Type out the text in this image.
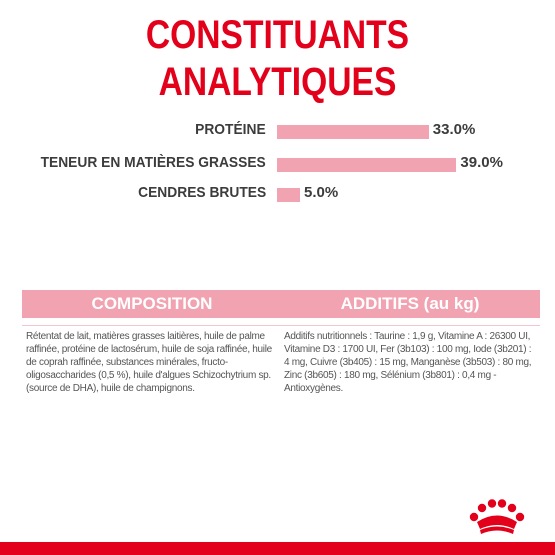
CONSTITUANTS
ANALYTIQUES
PROTÉINE	33.0%
TENEUR EN MATIÈRES GRASSES	39.0%
CENDRES BRUTES	5.0%
COMPOSITION
Rétentat de lait, matières grasses laitières, huile de palme raffinée, protéine de lactosérum, huile de soja raffinée, huile de coprah raffinée, substances minérales, fructo-oligosaccharides (0,5 %), huile d'algues Schizochytrium sp. (source de DHA), huile de champignons.
ADDITIFS (au kg)
Additifs nutritionnels : Taurine : 1,9 g, Vitamine A : 26300 UI, Vitamine D3 : 1700 UI, Fer (3b103) : 100 mg, Iode (3b201) : 4 mg, Cuivre (3b405) : 15 mg, Manganèse (3b503) : 80 mg, Zinc (3b605) : 180 mg, Sélénium (3b801) : 0,4 mg - Antioxygènes.
